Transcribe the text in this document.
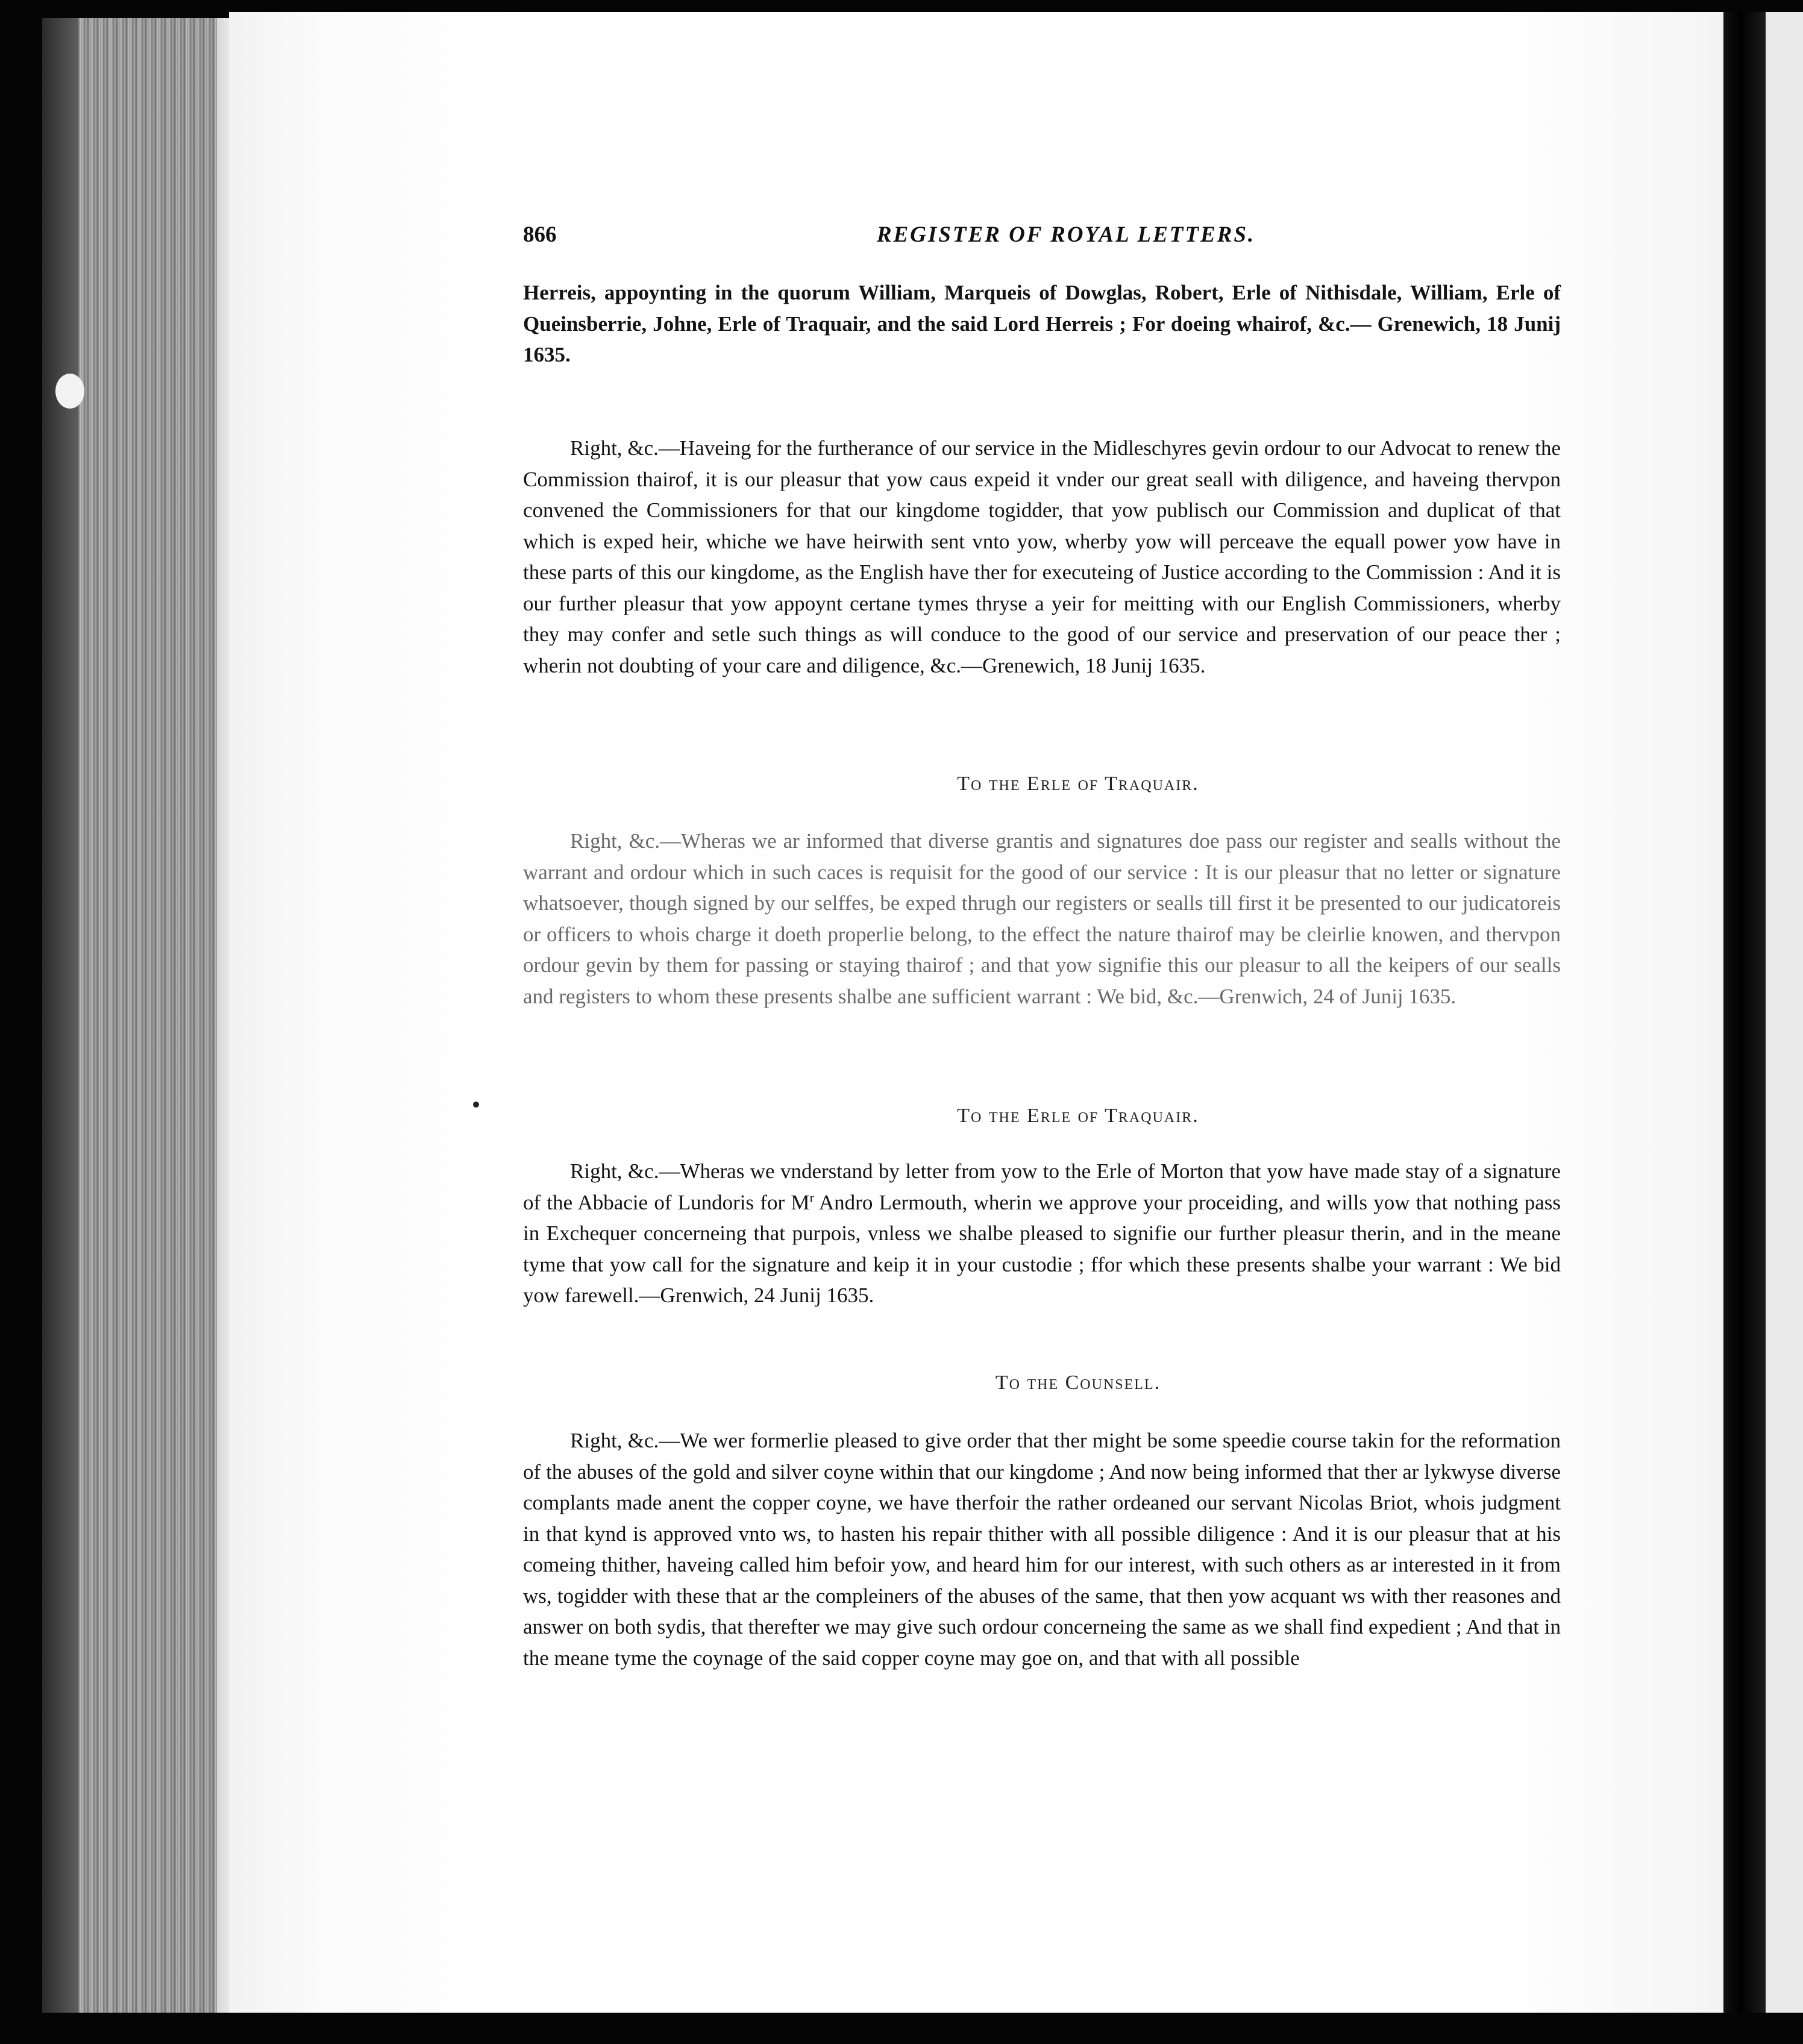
866	REGISTER OF ROYAL LETTERS.

Herreis, appoynting in the quorum William, Marqueis of Dowglas, Robert, Erle of Nithisdale, William, Erle of Queinsberrie, Johne, Erle of Traquair, and the said Lord Herreis ; For doeing whairof, &c.— Grenewich, 18 Junij 1635.

Right, &c.—Haveing for the furtherance of our service in the Midleschyres gevin ordour to our Advocat to renew the Commission thairof, it is our pleasur that yow caus expeid it vnder our great seall with diligence, and haveing thervpon convened the Commissioners for that our kingdome togidder, that yow publisch our Commission and duplicat of that which is exped heir, whiche we have heirwith sent vnto yow, wherby yow will perceave the equall power yow have in these parts of this our kingdome, as the English have ther for executeing of Justice according to the Commission : And it is our further pleasur that yow appoynt certane tymes thryse a yeir for meitting with our English Commissioners, wherby they may confer and setle such things as will conduce to the good of our service and preservation of our peace ther ; wherin not doubting of your care and diligence, &c.—Grenewich, 18 Junij 1635.

To the Erle of Traquair.

Right, &c.—Wheras we ar informed that diverse grantis and signatures doe pass our register and sealls without the warrant and ordour which in such caces is requisit for the good of our service : It is our pleasur that no letter or signature whatsoever, though signed by our selffes, be exped thrugh our registers or sealls till first it be presented to our judicatoreis or officers to whois charge it doeth properlie belong, to the effect the nature thairof may be cleirlie knowen, and thervpon ordour gevin by them for passing or staying thairof ; and that yow signifie this our pleasur to all the keipers of our sealls and registers to whom these presents shalbe ane sufficient warrant : We bid, &c.—Grenwich, 24 of Junij 1635.

To the Erle of Traquair.

Right, &c.—Wheras we vnderstand by letter from yow to the Erle of Morton that yow have made stay of a signature of the Abbacie of Lundoris for $M^r$ Andro Lermouth, wherin we approve your proceiding, and wills yow that nothing pass in Exchequer concerneing that purpois, vnless we shalbe pleased to signifie our further pleasur therin, and in the meane tyme that yow call for the signature and keip it in your custodie ; ffor which these presents shalbe your warrant : We bid yow farewell.—Grenwich, 24 Junij 1635.

To the Counsell.

Right, &c.—We wer formerlie pleased to give order that ther might be some speedie course takin for the reformation of the abuses of the gold and silver coyne within that our kingdome ; And now being informed that ther ar lykwyse diverse complants made anent the copper coyne, we have therfoir the rather ordeaned our servant Nicolas Briot, whois judgment in that kynd is approved vnto ws, to hasten his repair thither with all possible diligence : And it is our pleasur that at his comeing thither, haveing called him befoir yow, and heard him for our interest, with such others as ar interested in it from ws, togidder with these that ar the compleiners of the abuses of the same, that then yow acquant ws with ther reasones and answer on both sydis, that therefter we may give such ordour concerneing the same as we shall find expedient ; And that in the meane tyme the coynage of the said copper coyne may goe on, and that with all possible
